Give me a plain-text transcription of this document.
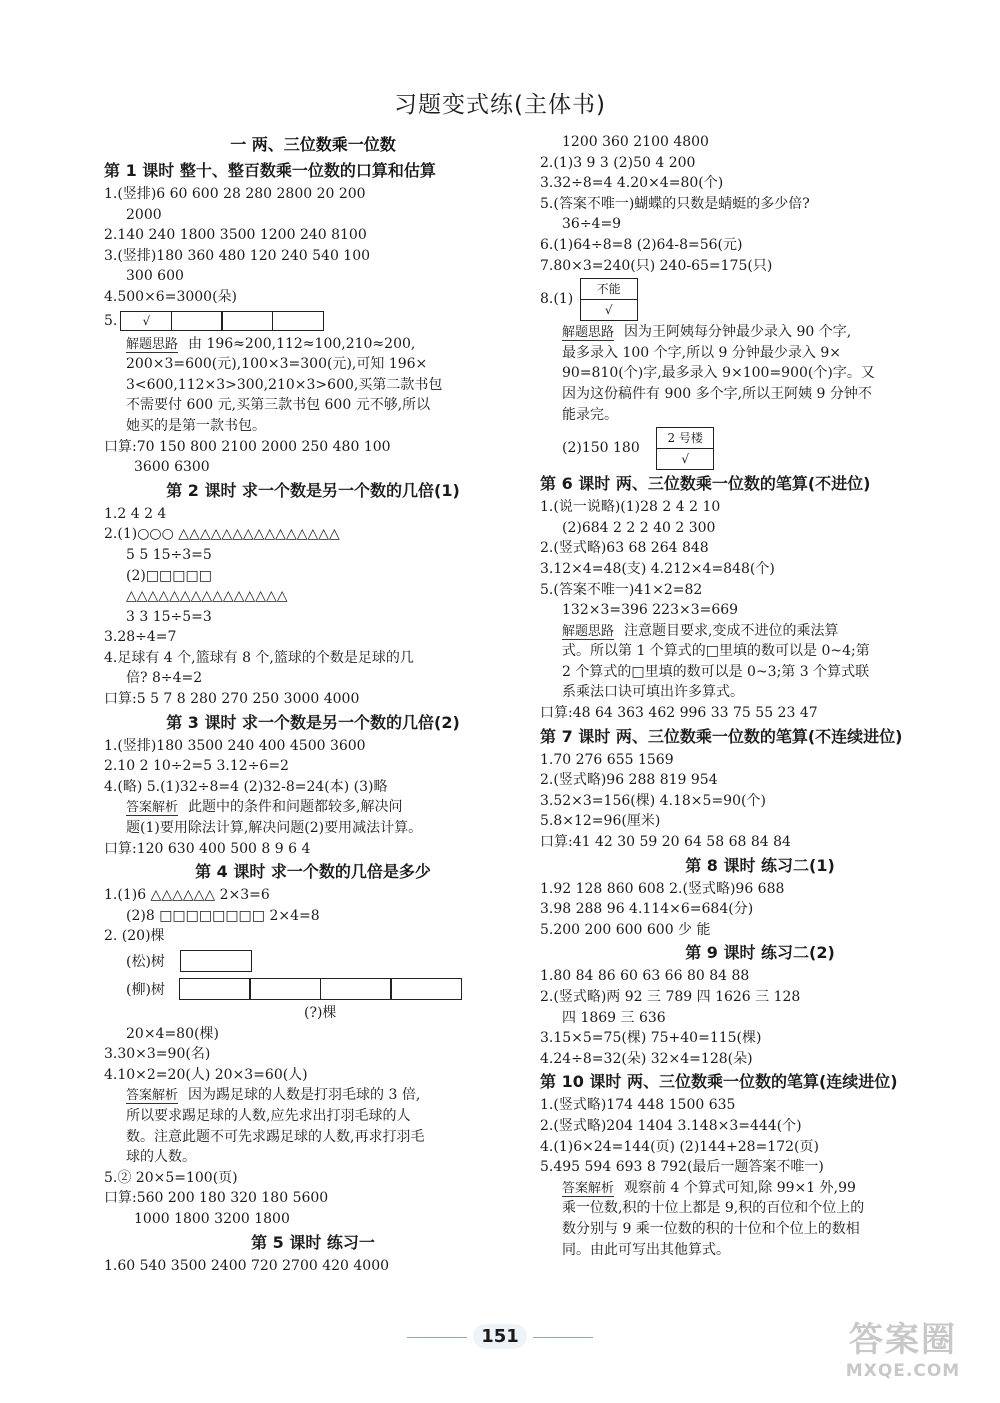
习题变式练(主体书)
一 两、三位数乘一位数
第 1 课时 整十、整百数乘一位数的口算和估算
1.(竖排)6 60 600 28 280 2800 20 200
2000
2.140 240 1800 3500 1200 240 8100
3.(竖排)180 360 480 120 240 540 100
300 600
4.500×6=3000(朵)
5. √
解题思路 由 196≈200,112≈100,210≈200,
200×3=600(元),100×3=300(元),可知 196×
3<600,112×3>300,210×3>600,买第二款书包
不需要付 600 元,买第三款书包 600 元不够,所以
她买的是第一款书包。
口算:70 150 800 2100 2000 250 480 100
3600 6300
第 2 课时 求一个数是另一个数的几倍(1)
1.2 4 2 4
2.(1)○○○ △△△△△△△△△△△△△△△
5 5 15÷3=5
(2)□□□□□
△△△△△△△△△△△△△△△
3 3 15÷5=3
3.28÷4=7
4.足球有 4 个,篮球有 8 个,篮球的个数是足球的几
倍? 8÷4=2
口算:5 5 7 8 280 270 250 3000 4000
第 3 课时 求一个数是另一个数的几倍(2)
1.(竖排)180 3500 240 400 4500 3600
2.10 2 10÷2=5 3.12÷6=2
4.(略) 5.(1)32÷8=4 (2)32-8=24(本) (3)略
答案解析 此题中的条件和问题都较多,解决问
题(1)要用除法计算,解决问题(2)要用减法计算。
口算:120 630 400 500 8 9 6 4
第 4 课时 求一个数的几倍是多少
1.(1)6 △△△△△△ 2×3=6
(2)8 □□□□□□□□ 2×4=8
2. (20)棵
(松)树
(柳)树
(?)棵
20×4=80(棵)
3.30×3=90(名)
4.10×2=20(人) 20×3=60(人)
答案解析 因为踢足球的人数是打羽毛球的 3 倍,
所以要求踢足球的人数,应先求出打羽毛球的人
数。注意此题不可先求踢足球的人数,再求打羽毛
球的人数。
5.② 20×5=100(页)
口算:560 200 180 320 180 5600
1000 1800 3200 1800
第 5 课时 练习一
1.60 540 3500 2400 720 2700 420 4000
1200 360 2100 4800
2.(1)3 9 3 (2)50 4 200
3.32÷8=4 4.20×4=80(个)
5.(答案不唯一)蝴蝶的只数是蜻蜓的多少倍?
36÷4=9
6.(1)64÷8=8 (2)64-8=56(元)
7.80×3=240(只) 240-65=175(只)
8.(1)
不能
√
解题思路 因为王阿姨每分钟最少录入 90 个字,
最多录入 100 个字,所以 9 分钟最少录入 9×
90=810(个)字,最多录入 9×100=900(个)字。又
因为这份稿件有 900 多个字,所以王阿姨 9 分钟不
能录完。
(2)150 180
2 号楼
√
第 6 课时 两、三位数乘一位数的笔算(不进位)
1.(说一说略)(1)28 2 4 2 10
(2)684 2 2 2 40 2 300
2.(竖式略)63 68 264 848
3.12×4=48(支) 4.212×4=848(个)
5.(答案不唯一)41×2=82
132×3=396 223×3=669
解题思路 注意题目要求,变成不进位的乘法算
式。所以第 1 个算式的□里填的数可以是 0~4;第
2 个算式的□里填的数可以是 0~3;第 3 个算式联
系乘法口诀可填出许多算式。
口算:48 64 363 462 996 33 75 55 23 47
第 7 课时 两、三位数乘一位数的笔算(不连续进位)
1.70 276 655 1569
2.(竖式略)96 288 819 954
3.52×3=156(棵) 4.18×5=90(个)
5.8×12=96(厘米)
口算:41 42 30 59 20 64 58 68 84 84
第 8 课时 练习二(1)
1.92 128 860 608 2.(竖式略)96 688
3.98 288 96 4.114×6=684(分)
5.200 200 600 600 少 能
第 9 课时 练习二(2)
1.80 84 86 60 63 66 80 84 88
2.(竖式略)两 92 三 789 四 1626 三 128
四 1869 三 636
3.15×5=75(棵) 75+40=115(棵)
4.24÷8=32(朵) 32×4=128(朵)
第 10 课时 两、三位数乘一位数的笔算(连续进位)
1.(竖式略)174 448 1500 635
2.(竖式略)204 1404 3.148×3=444(个)
4.(1)6×24=144(页) (2)144+28=172(页)
5.495 594 693 8 792(最后一题答案不唯一)
答案解析 观察前 4 个算式可知,除 99×1 外,99
乘一位数,积的十位上都是 9,积的百位和个位上的
数分别与 9 乘一位数的积的十位和个位上的数相
同。由此可写出其他算式。
151	答案圈
MXQE.COM
